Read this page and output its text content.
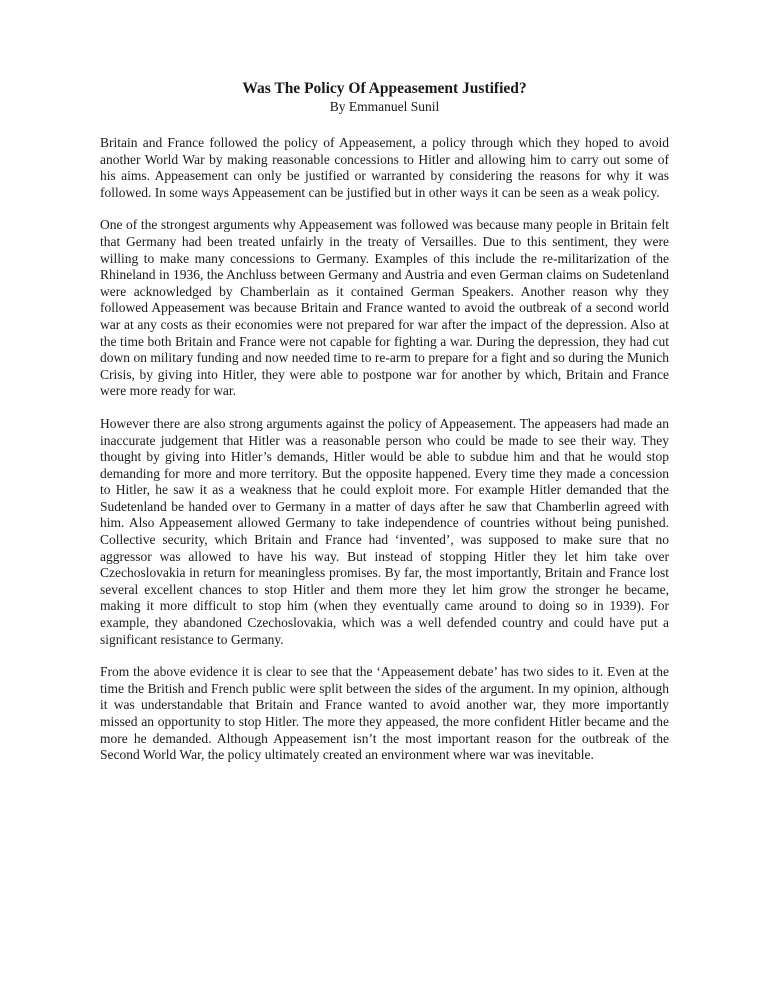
Was The Policy Of Appeasement Justified?

By Emmanuel Sunil

Britain and France followed the policy of Appeasement, a policy through which they hoped to avoid another World War by making reasonable concessions to Hitler and allowing him to carry out some of his aims. Appeasement can only be justified or warranted by considering the reasons for why it was followed. In some ways Appeasement can be justified but in other ways it can be seen as a weak policy.

One of the strongest arguments why Appeasement was followed was because many people in Britain felt that Germany had been treated unfairly in the treaty of Versailles. Due to this sentiment, they were willing to make many concessions to Germany. Examples of this include the re-militarization of the Rhineland in 1936, the Anchluss between Germany and Austria and even German claims on Sudetenland were acknowledged by Chamberlain as it contained German Speakers. Another reason why they followed Appeasement was because Britain and France wanted to avoid the outbreak of a second world war at any costs as their economies were not prepared for war after the impact of the depression. Also at the time both Britain and France were not capable for fighting a war. During the depression, they had cut down on military funding and now needed time to re-arm to prepare for a fight and so during the Munich Crisis, by giving into Hitler, they were able to postpone war for another by which, Britain and France were more ready for war.

However there are also strong arguments against the policy of Appeasement. The appeasers had made an inaccurate judgement that Hitler was a reasonable person who could be made to see their way. They thought by giving into Hitler’s demands, Hitler would be able to subdue him and that he would stop demanding for more and more territory. But the opposite happened. Every time they made a concession to Hitler, he saw it as a weakness that he could exploit more. For example Hitler demanded that the Sudetenland be handed over to Germany in a matter of days after he saw that Chamberlin agreed with him. Also Appeasement allowed Germany to take independence of countries without being punished. Collective security, which Britain and France had ‘invented’, was supposed to make sure that no aggressor was allowed to have his way. But instead of stopping Hitler they let him take over Czechoslovakia in return for meaningless promises. By far, the most importantly, Britain and France lost several excellent chances to stop Hitler and them more they let him grow the stronger he became, making it more difficult to stop him (when they eventually came around to doing so in 1939). For example, they abandoned Czechoslovakia, which was a well defended country and could have put a significant resistance to Germany.

From the above evidence it is clear to see that the ‘Appeasement debate’ has two sides to it. Even at the time the British and French public were split between the sides of the argument. In my opinion, although it was understandable that Britain and France wanted to avoid another war, they more importantly missed an opportunity to stop Hitler. The more they appeased, the more confident Hitler became and the more he demanded. Although Appeasement isn’t the most important reason for the outbreak of the Second World War, the policy ultimately created an environment where war was inevitable.
